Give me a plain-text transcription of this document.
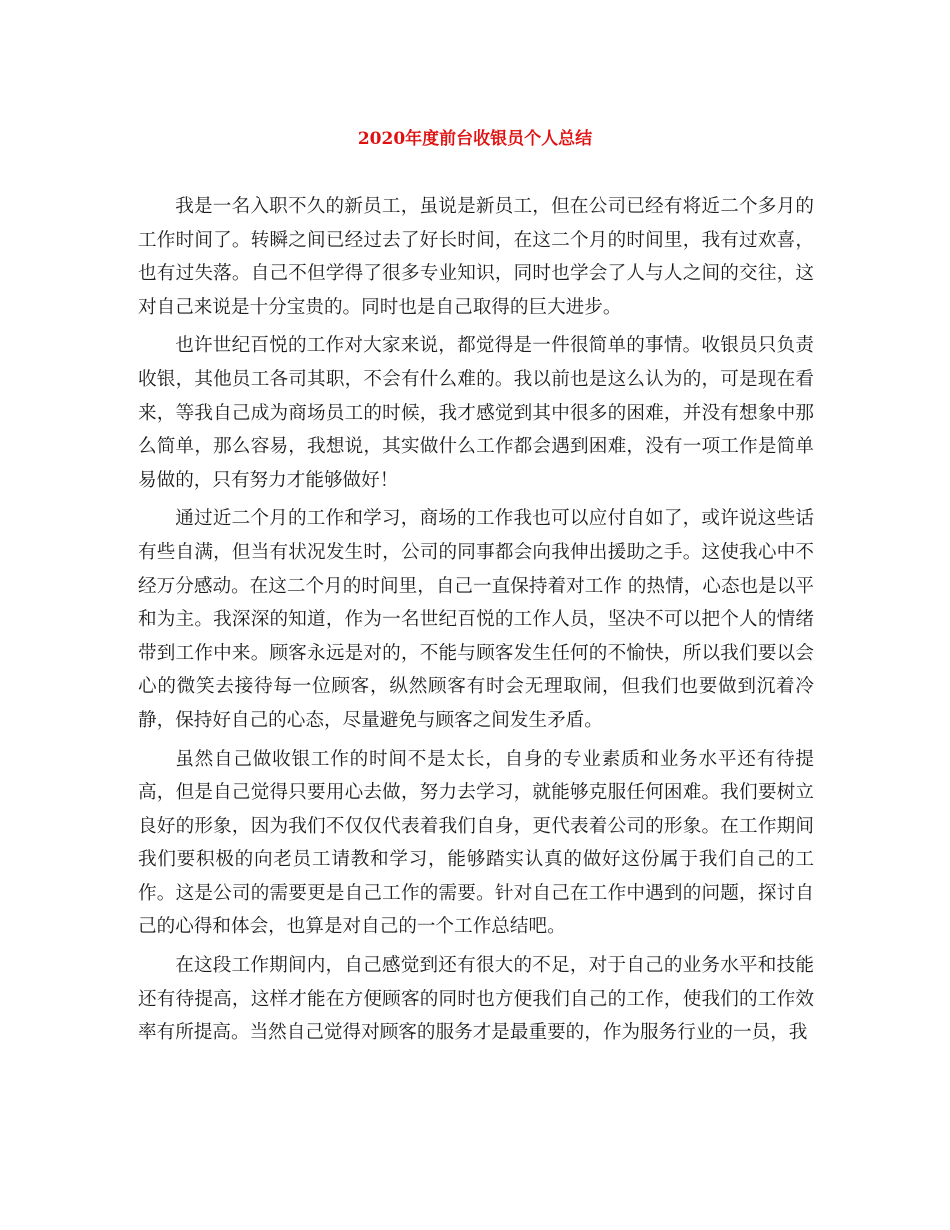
2020年度前台收银员个人总结

我是一名入职不久的新员工，虽说是新员工，但在公司已经有将近二个多月的工作时间了。转瞬之间已经过去了好长时间，在这二个月的时间里，我有过欢喜，也有过失落。自己不但学得了很多专业知识，同时也学会了人与人之间的交往，这对自己来说是十分宝贵的。同时也是自己取得的巨大进步。

也许世纪百悦的工作对大家来说，都觉得是一件很简单的事情。收银员只负责收银，其他员工各司其职，不会有什么难的。我以前也是这么认为的，可是现在看来，等我自己成为商场员工的时候，我才感觉到其中很多的困难，并没有想象中那么简单，那么容易，我想说，其实做什么工作都会遇到困难，没有一项工作是简单易做的，只有努力才能够做好！

通过近二个月的工作和学习，商场的工作我也可以应付自如了，或许说这些话有些自满，但当有状况发生时，公司的同事都会向我伸出援助之手。这使我心中不经万分感动。在这二个月的时间里，自己一直保持着对工作 的热情，心态也是以平和为主。我深深的知道，作为一名世纪百悦的工作人员，坚决不可以把个人的情绪带到工作中来。顾客永远是对的，不能与顾客发生任何的不愉快，所以我们要以会心的微笑去接待每一位顾客，纵然顾客有时会无理取闹，但我们也要做到沉着冷静，保持好自己的心态，尽量避免与顾客之间发生矛盾。

虽然自己做收银工作的时间不是太长，自身的专业素质和业务水平还有待提高，但是自己觉得只要用心去做，努力去学习，就能够克服任何困难。我们要树立良好的形象，因为我们不仅仅代表着我们自身，更代表着公司的形象。在工作期间我们要积极的向老员工请教和学习，能够踏实认真的做好这份属于我们自己的工作。这是公司的需要更是自己工作的需要。针对自己在工作中遇到的问题，探讨自己的心得和体会，也算是对自己的一个工作总结吧。

在这段工作期间内，自己感觉到还有很大的不足，对于自己的业务水平和技能还有待提高，这样才能在方便顾客的同时也方便我们自己的工作，使我们的工作效率有所提高。当然自己觉得对顾客的服务才是最重要的，作为服务行业的一员，我
